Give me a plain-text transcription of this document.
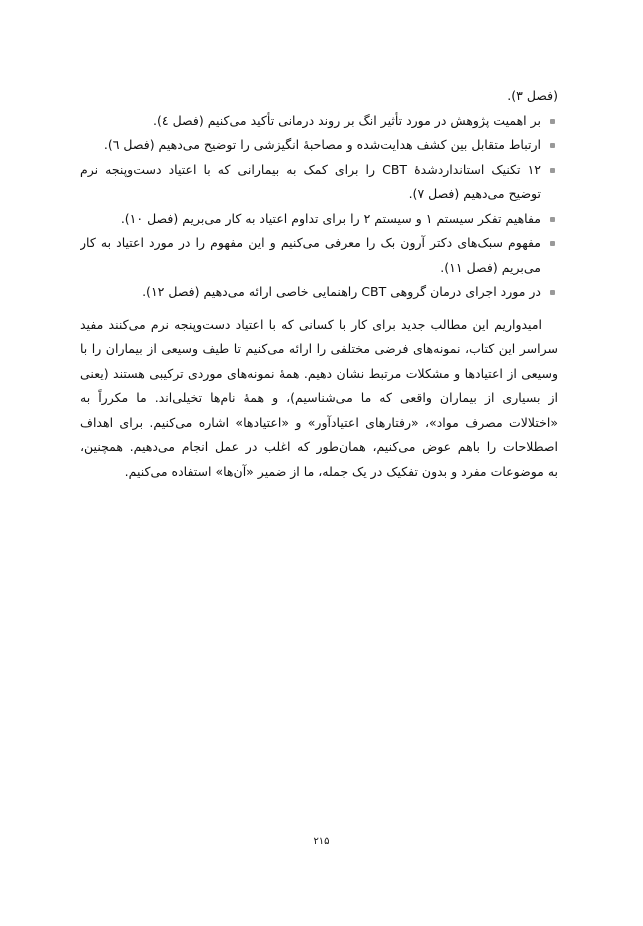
(فصل ۳).
بر اهمیت پژوهش در مورد تأثیر انگ بر روند درمانی تأکید می‌کنیم (فصل ٤).
ارتباط متقابل بین کشف هدایت‌شده و مصاحبهٔ انگیزشی را توضیح می‌دهیم (فصل ٦).
۱۲ تکنیک استانداردشدهٔ CBT را برای کمک به بیمارانی که با اعتیاد دست‌وپنجه نرم
توضیح می‌دهیم (فصل ۷).
مفاهیم تفکر سیستم ۱ و سیستم ۲ را برای تداوم اعتیاد به کار می‌بریم (فصل ۱۰).
مفهوم سبک‌های دکتر آرون بک را معرفی می‌کنیم و این مفهوم را در مورد اعتیاد به کار
می‌بریم (فصل ۱۱).
در مورد اجرای درمان گروهی CBT راهنمایی خاصی ارائه می‌دهیم (فصل ۱۲).
امیدواریم این مطالب جدید برای کار با کسانی که با اعتیاد دست‌وپنجه نرم می‌کنند مفید
سراسر این کتاب، نمونه‌های فرضی مختلفی را ارائه می‌کنیم تا طیف وسیعی از بیماران را با
وسیعی از اعتیادها و مشکلات مرتبط نشان دهیم. همهٔ نمونه‌های موردی ترکیبی هستند (یعنی
از بسیاری از بیماران واقعی که ما می‌شناسیم)، و همهٔ نام‌ها تخیلی‌اند. ما مکرراً به
«اختلالات مصرف مواد»، «رفتارهای اعتیادآور» و «اعتیادها» اشاره می‌کنیم. برای اهداف
اصطلاحات را باهم عوض می‌کنیم، همان‌طور که اغلب در عمل انجام می‌دهیم. همچنین،
به موضوعات مفرد و بدون تفکیک در یک جمله، ما از ضمیر «آن‌ها» استفاده می‌کنیم.
۲۱۵
